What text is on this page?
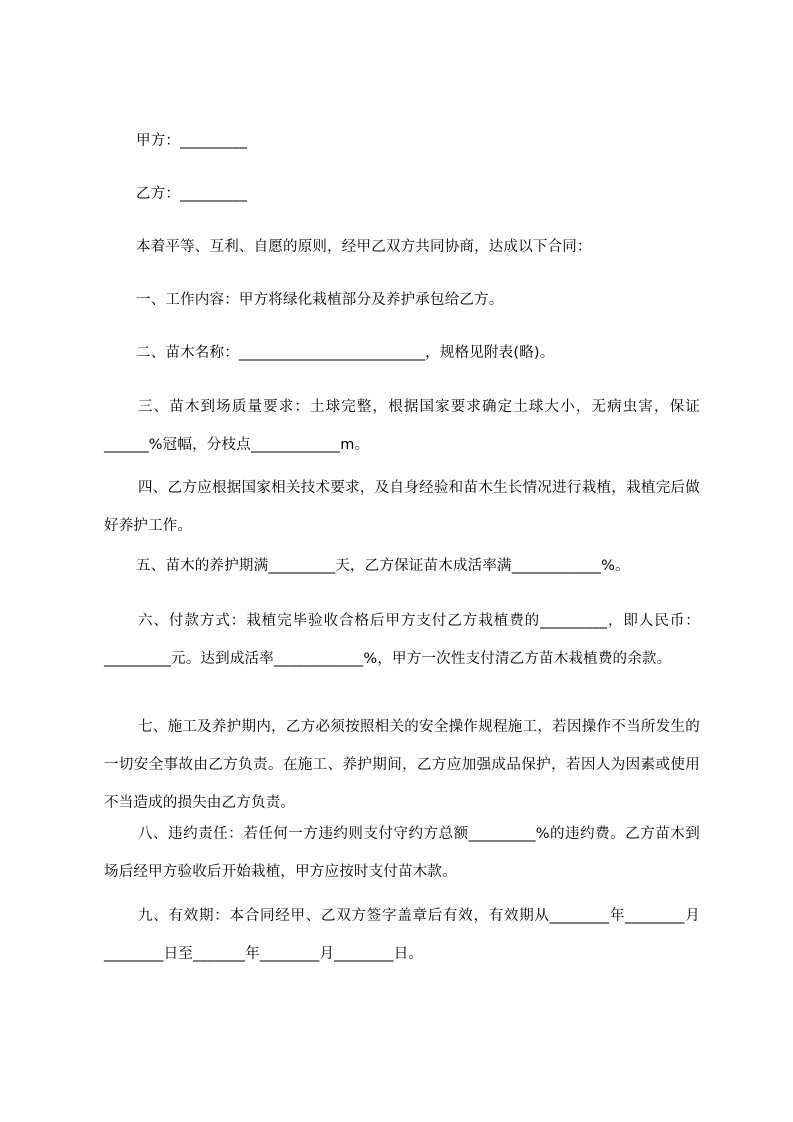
甲方：_________
乙方：_________
本着平等、互利、自愿的原则，经甲乙双方共同协商，达成以下合同：
一、工作内容：甲方将绿化栽植部分及养护承包给乙方。
二、苗木名称：_________________________，规格见附表(略)。
三、苗木到场质量要求：土球完整，根据国家要求确定土球大小，无病虫害，保证______%冠幅，分枝点____________m。
四、乙方应根据国家相关技术要求，及自身经验和苗木生长情况进行栽植，栽植完后做好养护工作。
五、苗木的养护期满_________天，乙方保证苗木成活率满____________%。
六、付款方式：栽植完毕验收合格后甲方支付乙方栽植费的_________，即人民币：_________元。达到成活率____________%，甲方一次性支付清乙方苗木栽植费的余款。
七、施工及养护期内，乙方必须按照相关的安全操作规程施工，若因操作不当所发生的一切安全事故由乙方负责。在施工、养护期间，乙方应加强成品保护，若因人为因素或使用不当造成的损失由乙方负责。
八、违约责任：若任何一方违约则支付守约方总额_________%的违约费。乙方苗木到场后经甲方验收后开始栽植，甲方应按时支付苗木款。
九、有效期：本合同经甲、乙双方签字盖章后有效，有效期从________年________月________日至_______年________月________日。
